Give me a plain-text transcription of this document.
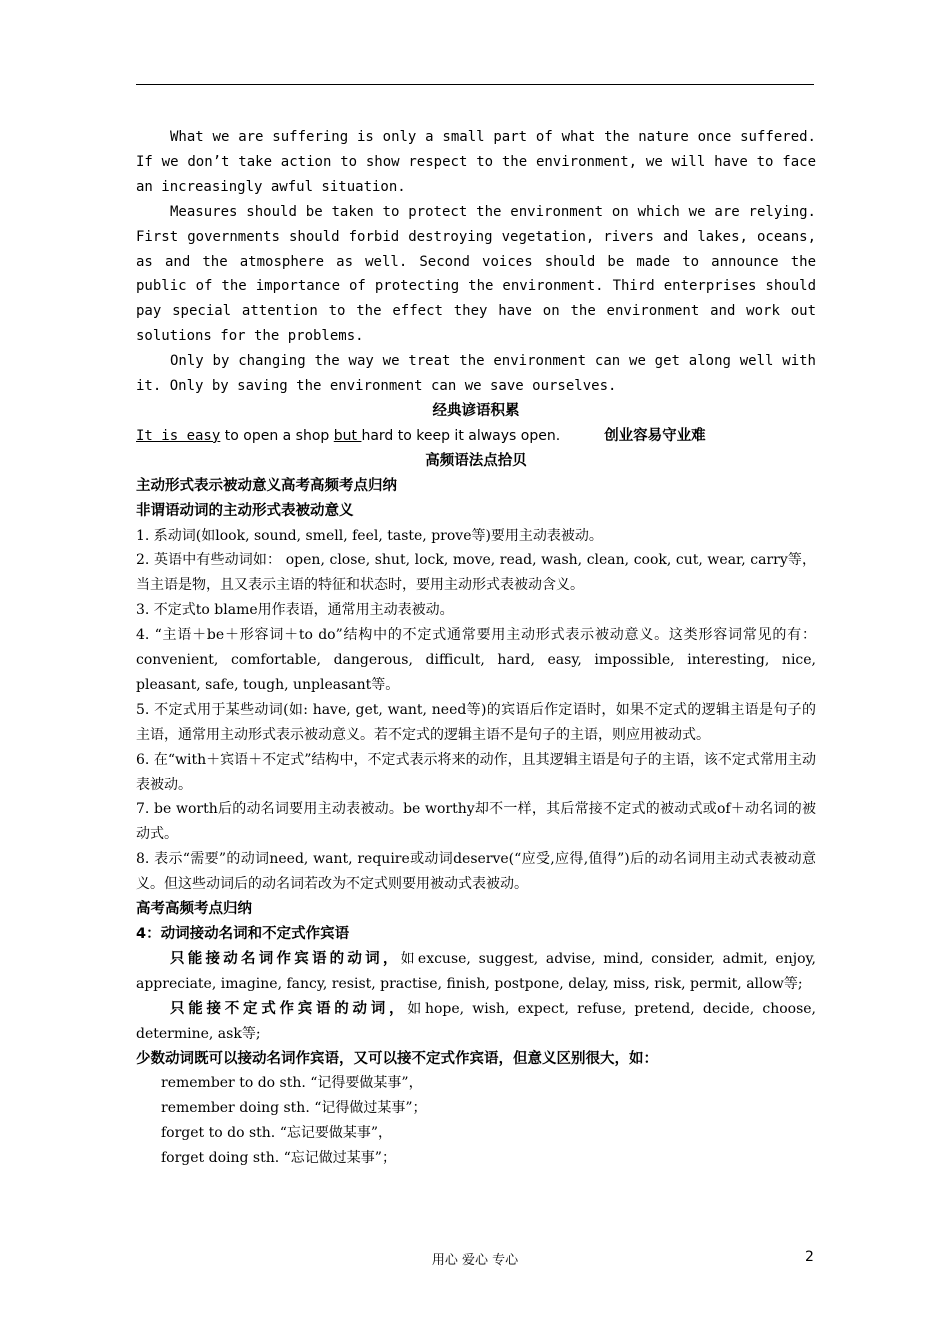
What we are suffering is only a small part of what the nature once suffered. If we don’t take action to show respect to the environment, we will have to face an increasingly awful situation.

Measures should be taken to protect the environment on which we are relying. First governments should forbid destroying vegetation, rivers and lakes, oceans, as and the atmosphere as well. Second voices should be made to announce the public of the importance of protecting the environment. Third enterprises should pay special attention to the effect they have on the environment and work out solutions for the problems.

Only by changing the way we treat the environment can we get along well with it. Only by saving the environment can we save ourselves.

经典谚语积累

It is easy to open a shop but hard to keep it always open.	创业容易守业难

高频语法点拾贝

主动形式表示被动意义高考高频考点归纳

非谓语动词的主动形式表被动意义

1. 系动词(如look, sound, smell, feel, taste, prove等)要用主动表被动。

2. 英语中有些动词如： open, close, shut, lock, move, read, wash, clean, cook, cut, wear, carry等，当主语是物，且又表示主语的特征和状态时，要用主动形式表被动含义。

3. 不定式to blame用作表语，通常用主动表被动。

4. “主语＋be＋形容词＋to do”结构中的不定式通常要用主动形式表示被动意义。这类形容词常见的有： convenient, comfortable, dangerous, difficult, hard, easy, impossible, interesting, nice, pleasant, safe, tough, unpleasant等。

5. 不定式用于某些动词(如: have, get, want, need等)的宾语后作定语时，如果不定式的逻辑主语是句子的主语，通常用主动形式表示被动意义。若不定式的逻辑主语不是句子的主语，则应用被动式。

6. 在“with＋宾语＋不定式”结构中，不定式表示将来的动作，且其逻辑主语是句子的主语，该不定式常用主动表被动。

7. be worth后的动名词要用主动表被动。be worthy却不一样，其后常接不定式的被动式或of＋动名词的被动式。

8. 表示“需要”的动词need, want, require或动词deserve(“应受,应得,值得”)后的动名词用主动式表被动意义。但这些动词后的动名词若改为不定式则要用被动式表被动。

高考高频考点归纳

4：动词接动名词和不定式作宾语

只能接动名词作宾语的动词，如excuse, suggest, advise, mind, consider, admit, enjoy, appreciate, imagine, fancy, resist, practise, finish, postpone, delay, miss, risk, permit, allow等;

只能接不定式作宾语的动词，如hope, wish, expect, refuse, pretend, decide, choose, determine, ask等;

少数动词既可以接动名词作宾语，又可以接不定式作宾语，但意义区别很大，如：

remember to do sth. “记得要做某事”，

remember doing sth. “记得做过某事”；

forget to do sth. “忘记要做某事”，

forget doing sth. “忘记做过某事”；

用心 爱心 专心	2
